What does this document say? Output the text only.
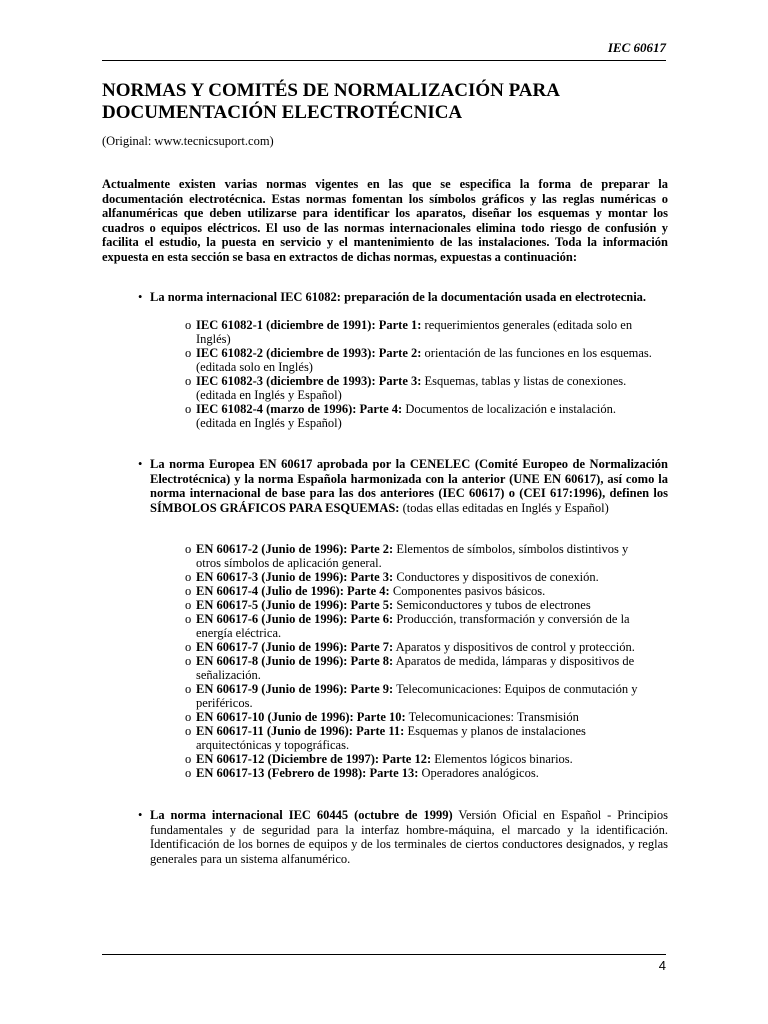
IEC 60617
NORMAS Y COMITÉS DE NORMALIZACIÓN PARA DOCUMENTACIÓN ELECTROTÉCNICA
(Original: www.tecnicsuport.com)

Actualmente existen varias normas vigentes en las que se especifica la forma de preparar la documentación electrotécnica. Estas normas fomentan los símbolos gráficos y las reglas numéricas o alfanuméricas que deben utilizarse para identificar los aparatos, diseñar los esquemas y montar los cuadros o equipos eléctricos. El uso de las normas internacionales elimina todo riesgo de confusión y facilita el estudio, la puesta en servicio y el mantenimiento de las instalaciones. Toda la información expuesta en esta sección se basa en extractos de dichas normas, expuestas a continuación:

• La norma internacional IEC 61082: preparación de la documentación usada en electrotecnia.
o IEC 61082-1 (diciembre de 1991): Parte 1: requerimientos generales (editada solo en Inglés)
o IEC 61082-2 (diciembre de 1993): Parte 2: orientación de las funciones en los esquemas. (editada solo en Inglés)
o IEC 61082-3 (diciembre de 1993): Parte 3: Esquemas, tablas y listas de conexiones. (editada en Inglés y Español)
o IEC 61082-4 (marzo de 1996): Parte 4: Documentos de localización e instalación. (editada en Inglés y Español)
• La norma Europea EN 60617 aprobada por la CENELEC (Comité Europeo de Normalización Electrotécnica) y la norma Española harmonizada con la anterior (UNE EN 60617), así como la norma internacional de base para las dos anteriores (IEC 60617) o (CEI 617:1996), definen los SÍMBOLOS GRÁFICOS PARA ESQUEMAS: (todas ellas editadas en Inglés y Español)
o EN 60617-2 (Junio de 1996): Parte 2: Elementos de símbolos, símbolos distintivos y otros símbolos de aplicación general.
o EN 60617-3 (Junio de 1996): Parte 3: Conductores y dispositivos de conexión.
o EN 60617-4 (Julio de 1996): Parte 4: Componentes pasivos básicos.
o EN 60617-5 (Junio de 1996): Parte 5: Semiconductores y tubos de electrones
o EN 60617-6 (Junio de 1996): Parte 6: Producción, transformación y conversión de la energía eléctrica.
o EN 60617-7 (Junio de 1996): Parte 7: Aparatos y dispositivos de control y protección.
o EN 60617-8 (Junio de 1996): Parte 8: Aparatos de medida, lámparas y dispositivos de señalización.
o EN 60617-9 (Junio de 1996): Parte 9: Telecomunicaciones: Equipos de conmutación y periféricos.
o EN 60617-10 (Junio de 1996): Parte 10: Telecomunicaciones: Transmisión
o EN 60617-11 (Junio de 1996): Parte 11: Esquemas y planos de instalaciones arquitectónicas y topográficas.
o EN 60617-12 (Diciembre de 1997): Parte 12: Elementos lógicos binarios.
o EN 60617-13 (Febrero de 1998): Parte 13: Operadores analógicos.
• La norma internacional IEC 60445 (octubre de 1999) Versión Oficial en Español - Principios fundamentales y de seguridad para la interfaz hombre-máquina, el marcado y la identificación. Identificación de los bornes de equipos y de los terminales de ciertos conductores designados, y reglas generales para un sistema alfanumérico.
4
